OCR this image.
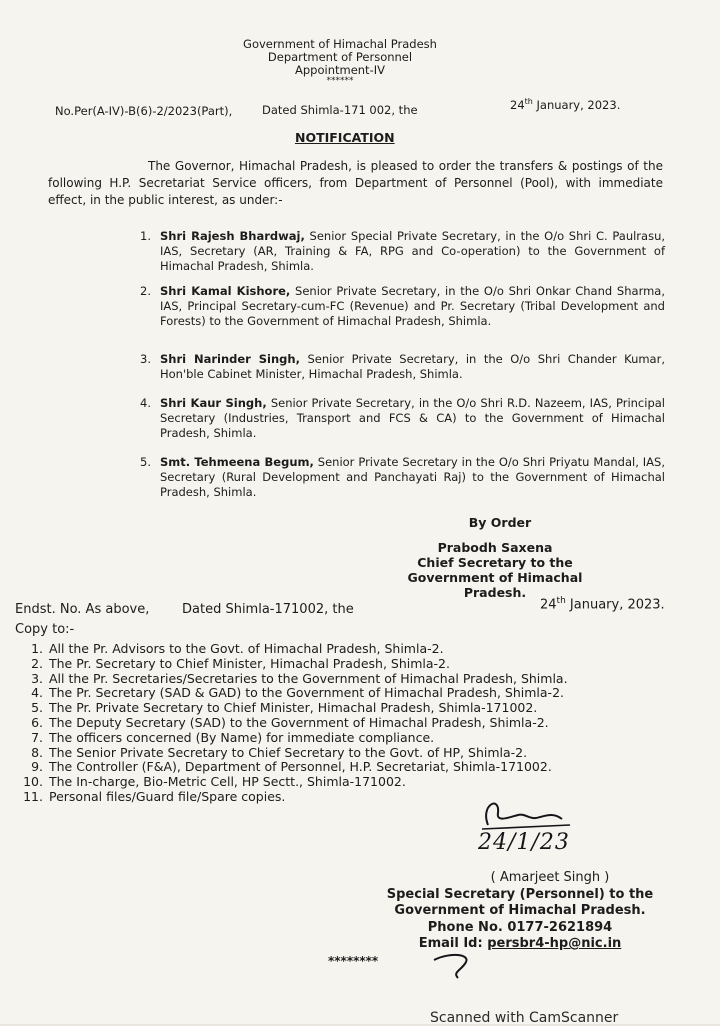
Government of Himachal Pradesh
Department of Personnel
Appointment-IV
******
No.Per(A-IV)-B(6)-2/2023(Part),	Dated Shimla-171 002, the	24th January, 2023.
NOTIFICATION
The Governor, Himachal Pradesh, is pleased to order the transfers & postings of the following H.P. Secretariat Service officers, from Department of Personnel (Pool), with immediate effect, in the public interest, as under:-
1. Shri Rajesh Bhardwaj, Senior Special Private Secretary, in the O/o Shri C. Paulrasu, IAS, Secretary (AR, Training & FA, RPG and Co-operation) to the Government of Himachal Pradesh, Shimla.
2. Shri Kamal Kishore, Senior Private Secretary, in the O/o Shri Onkar Chand Sharma, IAS, Principal Secretary-cum-FC (Revenue) and Pr. Secretary (Tribal Development and Forests) to the Government of Himachal Pradesh, Shimla.
3. Shri Narinder Singh, Senior Private Secretary, in the O/o Shri Chander Kumar, Hon'ble Cabinet Minister, Himachal Pradesh, Shimla.
4. Shri Kaur Singh, Senior Private Secretary, in the O/o Shri R.D. Nazeem, IAS, Principal Secretary (Industries, Transport and FCS & CA) to the Government of Himachal Pradesh, Shimla.
5. Smt. Tehmeena Begum, Senior Private Secretary in the O/o Shri Priyatu Mandal, IAS, Secretary (Rural Development and Panchayati Raj) to the Government of Himachal Pradesh, Shimla.
By Order
Prabodh Saxena
Chief Secretary to the
Government of Himachal Pradesh.
Endst. No. As above,	Dated Shimla-171002, the	24th January, 2023.
Copy to:-
1. All the Pr. Advisors to the Govt. of Himachal Pradesh, Shimla-2.
2. The Pr. Secretary to Chief Minister, Himachal Pradesh, Shimla-2.
3. All the Pr. Secretaries/Secretaries to the Government of Himachal Pradesh, Shimla.
4. The Pr. Secretary (SAD & GAD) to the Government of Himachal Pradesh, Shimla-2.
5. The Pr. Private Secretary to Chief Minister, Himachal Pradesh, Shimla-171002.
6. The Deputy Secretary (SAD) to the Government of Himachal Pradesh, Shimla-2.
7. The officers concerned (By Name) for immediate compliance.
8. The Senior Private Secretary to Chief Secretary to the Govt. of HP, Shimla-2.
9. The Controller (F&A), Department of Personnel, H.P. Secretariat, Shimla-171002.
10. The In-charge, Bio-Metric Cell, HP Sectt., Shimla-171002.
11. Personal files/Guard file/Spare copies.
24/1/23
( Amarjeet Singh )
Special Secretary (Personnel) to the
Government of Himachal Pradesh.
Phone No. 0177-2621894
Email Id: persbr4-hp@nic.in
********
Scanned with CamScanner
